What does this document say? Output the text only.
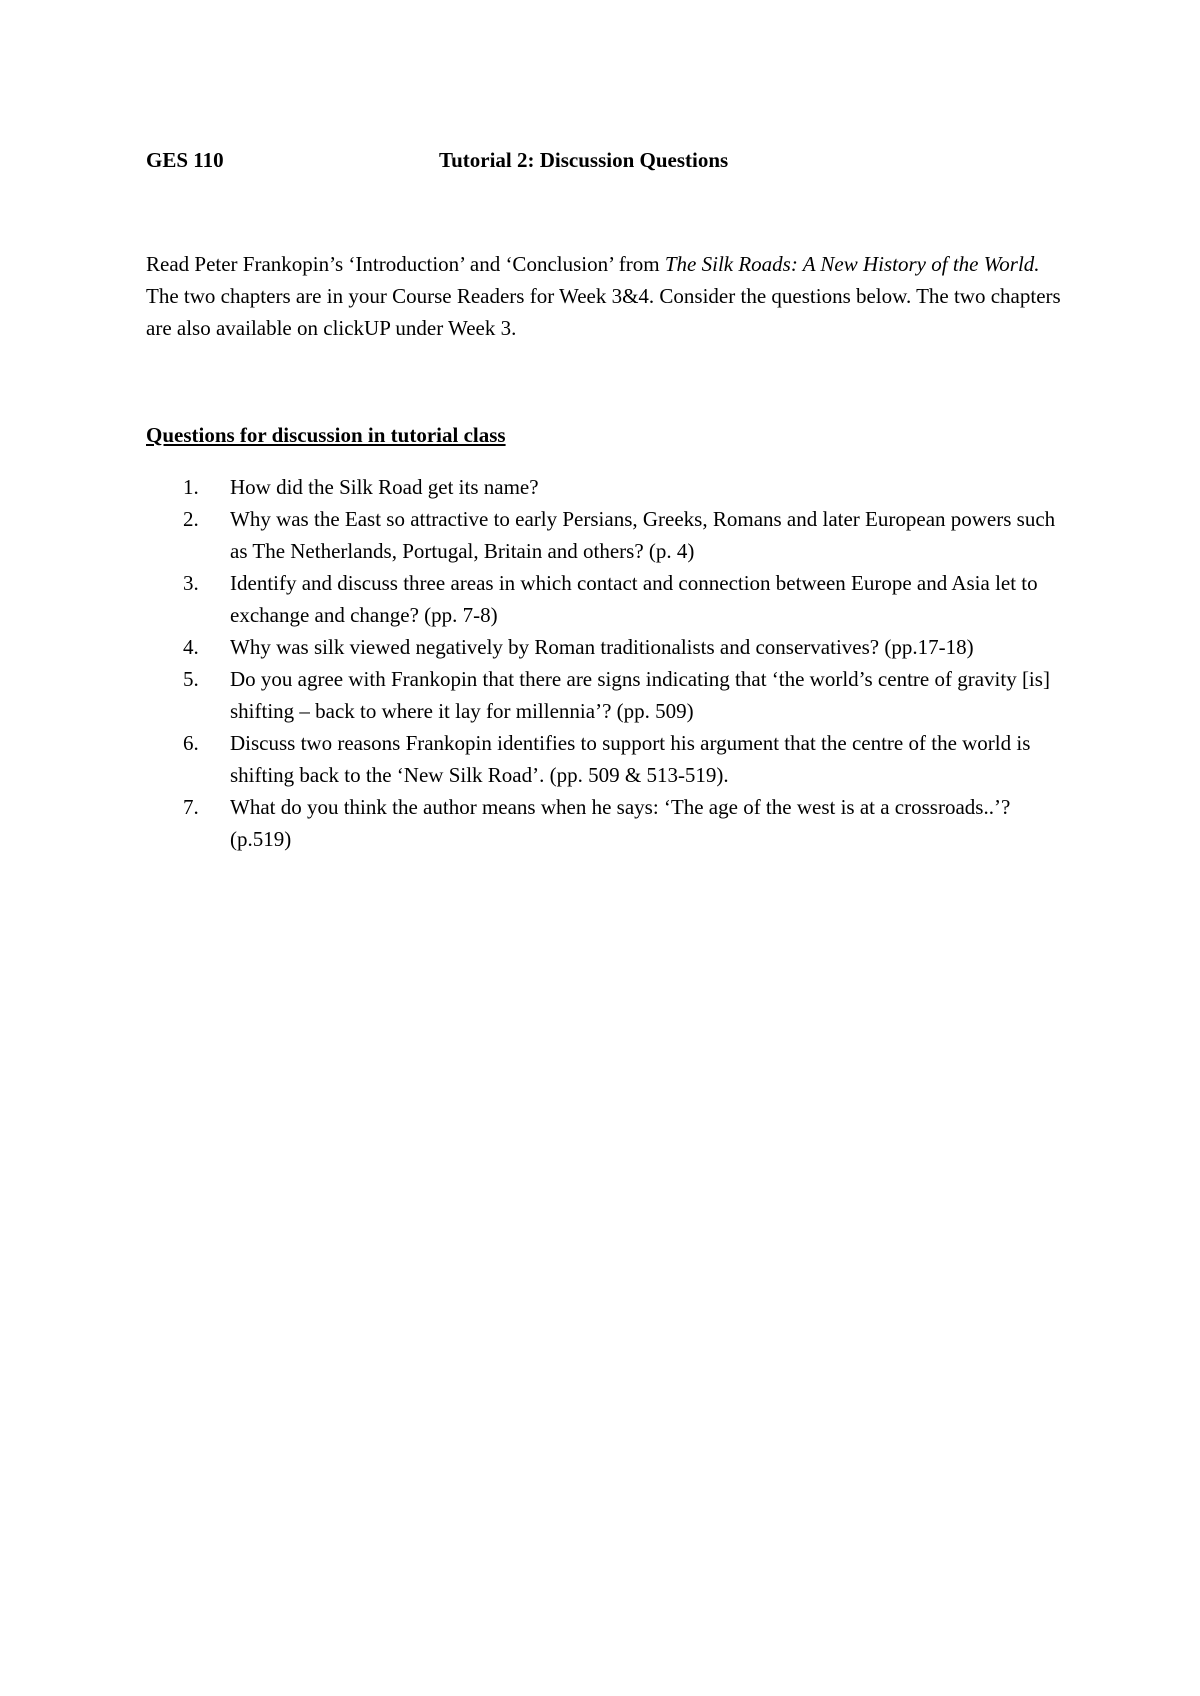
GES 110	Tutorial 2: Discussion Questions

Read Peter Frankopin’s ‘Introduction’ and ‘Conclusion’ from The Silk Roads: A New History of the World. The two chapters are in your Course Readers for Week 3&4. Consider the questions below. The two chapters are also available on clickUP under Week 3.

Questions for discussion in tutorial class

1.	How did the Silk Road get its name?
2.	Why was the East so attractive to early Persians, Greeks, Romans and later European powers such as The Netherlands, Portugal, Britain and others? (p. 4)
3.	Identify and discuss three areas in which contact and connection between Europe and Asia let to exchange and change? (pp. 7-8)
4.	Why was silk viewed negatively by Roman traditionalists and conservatives? (pp.17-18)
5.	Do you agree with Frankopin that there are signs indicating that ‘the world’s centre of gravity [is] shifting – back to where it lay for millennia’? (pp. 509)
6.	Discuss two reasons Frankopin identifies to support his argument that the centre of the world is shifting back to the ‘New Silk Road’. (pp. 509 & 513-519).
7.	What do you think the author means when he says: ‘The age of the west is at a crossroads..’? (p.519)
